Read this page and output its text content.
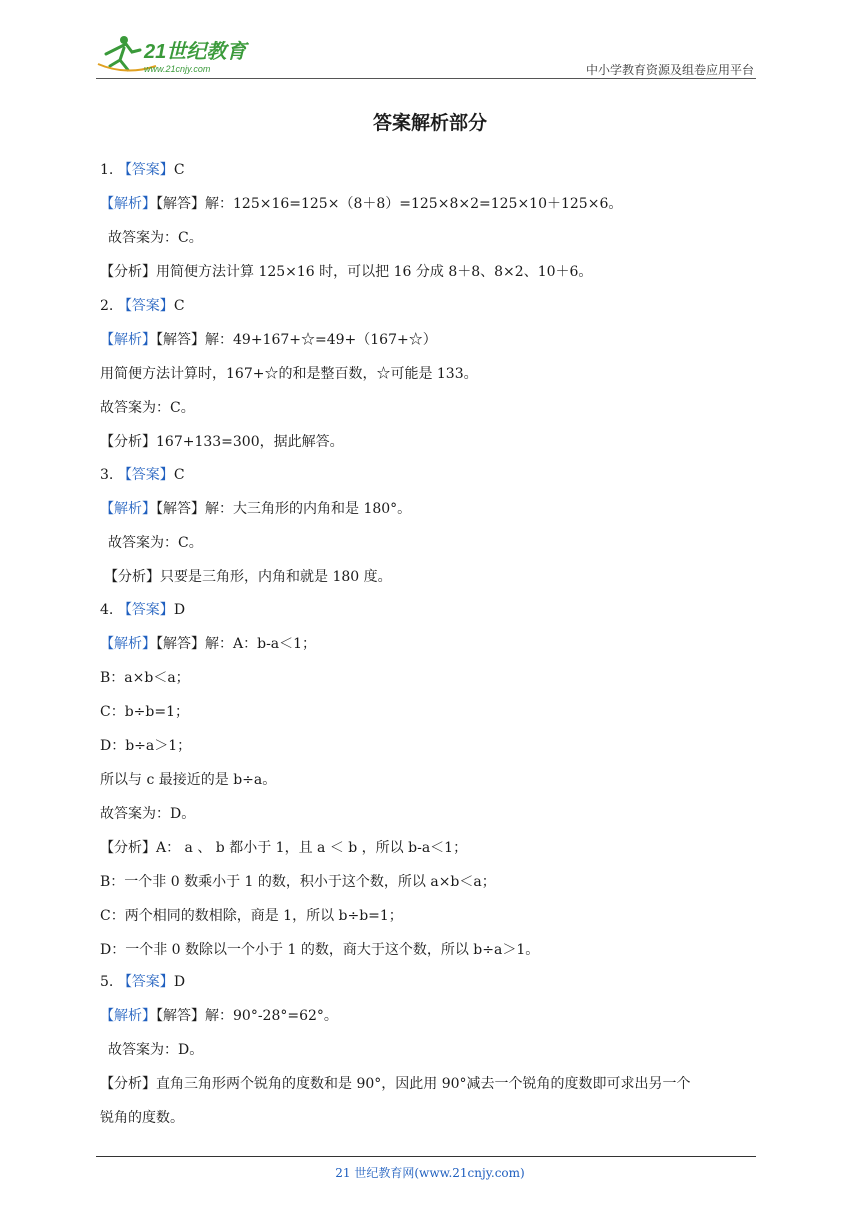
21世纪教育
www.21cnjy.com	中小学教育资源及组卷应用平台
答案解析部分
1. 【答案】C
【解析】【解答】解：125×16=125×（8＋8）=125×8×2=125×10＋125×6。
故答案为：C。
【分析】用简便方法计算 125×16 时，可以把 16 分成 8＋8、8×2、10＋6。
2. 【答案】C
【解析】【解答】解：49+167+☆=49+（167+☆）
用简便方法计算时，167+☆的和是整百数，☆可能是 133。
故答案为：C。
【分析】167+133=300，据此解答。
3. 【答案】C
【解析】【解答】解：大三角形的内角和是 180°。
故答案为：C。
【分析】只要是三角形，内角和就是 180 度。
4. 【答案】D
【解析】【解答】解：A：b-a＜1；
B：a×b＜a；
C：b÷b=1；
D：b÷a＞1；
所以与 c 最接近的是 b÷a。
故答案为：D。
【分析】A： a 、 b 都小于 1，且 a ＜ b ，所以 b-a＜1；
B：一个非 0 数乘小于 1 的数，积小于这个数，所以 a×b＜a；
C：两个相同的数相除，商是 1，所以 b÷b=1；
D：一个非 0 数除以一个小于 1 的数，商大于这个数，所以 b÷a＞1。
5. 【答案】D
【解析】【解答】解：90°-28°=62°。
故答案为：D。
【分析】直角三角形两个锐角的度数和是 90°，因此用 90°减去一个锐角的度数即可求出另一个
锐角的度数。
21 世纪教育网(www.21cnjy.com)
